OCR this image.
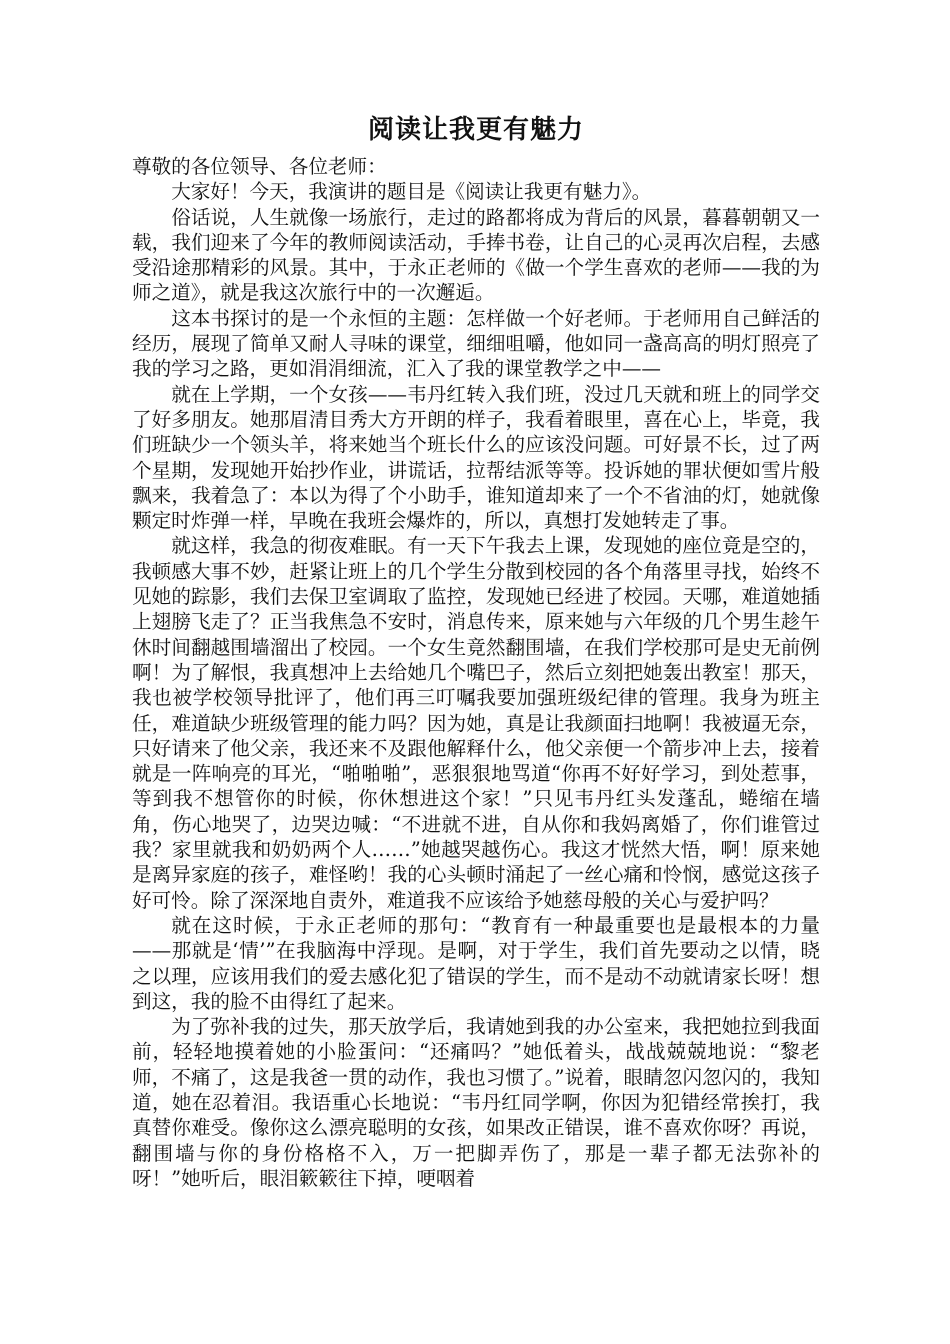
阅读让我更有魅力

尊敬的各位领导、各位老师：

大家好！今天，我演讲的题目是《阅读让我更有魅力》。

俗话说，人生就像一场旅行，走过的路都将成为背后的风景，暮暮朝朝又一载，我们迎来了今年的教师阅读活动，手捧书卷，让自己的心灵再次启程，去感受沿途那精彩的风景。其中，于永正老师的《做一个学生喜欢的老师——我的为师之道》，就是我这次旅行中的一次邂逅。

这本书探讨的是一个永恒的主题：怎样做一个好老师。于老师用自己鲜活的经历，展现了简单又耐人寻味的课堂，细细咀嚼，他如同一盏高高的明灯照亮了我的学习之路，更如涓涓细流，汇入了我的课堂教学之中——

就在上学期，一个女孩——韦丹红转入我们班，没过几天就和班上的同学交了好多朋友。她那眉清目秀大方开朗的样子，我看着眼里，喜在心上，毕竟，我们班缺少一个领头羊，将来她当个班长什么的应该没问题。可好景不长，过了两个星期，发现她开始抄作业，讲谎话，拉帮结派等等。投诉她的罪状便如雪片般飘来，我着急了：本以为得了个小助手，谁知道却来了一个不省油的灯，她就像颗定时炸弹一样，早晚在我班会爆炸的，所以，真想打发她转走了事。

就这样，我急的彻夜难眠。有一天下午我去上课，发现她的座位竟是空的，我顿感大事不妙，赶紧让班上的几个学生分散到校园的各个角落里寻找，始终不见她的踪影，我们去保卫室调取了监控，发现她已经进了校园。天哪，难道她插上翅膀飞走了？正当我焦急不安时，消息传来，原来她与六年级的几个男生趁午休时间翻越围墙溜出了校园。一个女生竟然翻围墙，在我们学校那可是史无前例啊！为了解恨，我真想冲上去给她几个嘴巴子，然后立刻把她轰出教室！那天，我也被学校领导批评了，他们再三叮嘱我要加强班级纪律的管理。我身为班主任，难道缺少班级管理的能力吗？因为她，真是让我颜面扫地啊！我被逼无奈，只好请来了他父亲，我还来不及跟他解释什么，他父亲便一个箭步冲上去，接着就是一阵响亮的耳光，“啪啪啪”，恶狠狠地骂道“你再不好好学习，到处惹事，等到我不想管你的时候，你休想进这个家！”只见韦丹红头发蓬乱，蜷缩在墙角，伤心地哭了，边哭边喊：“不进就不进，自从你和我妈离婚了，你们谁管过我？家里就我和奶奶两个人……”她越哭越伤心。我这才恍然大悟，啊！原来她是离异家庭的孩子，难怪哟！我的心头顿时涌起了一丝心痛和怜悯，感觉这孩子好可怜。除了深深地自责外，难道我不应该给予她慈母般的关心与爱护吗？

就在这时候，于永正老师的那句：“教育有一种最重要也是最根本的力量——那就是‘情’”在我脑海中浮现。是啊，对于学生，我们首先要动之以情，晓之以理，应该用我们的爱去感化犯了错误的学生，而不是动不动就请家长呀！想到这，我的脸不由得红了起来。

为了弥补我的过失，那天放学后，我请她到我的办公室来，我把她拉到我面前，轻轻地摸着她的小脸蛋问：“还痛吗？”她低着头，战战兢兢地说：“黎老师，不痛了，这是我爸一贯的动作，我也习惯了。”说着，眼睛忽闪忽闪的，我知道，她在忍着泪。我语重心长地说：“韦丹红同学啊，你因为犯错经常挨打，我真替你难受。像你这么漂亮聪明的女孩，如果改正错误，谁不喜欢你呀？再说，翻围墙与你的身份格格不入，万一把脚弄伤了，那是一辈子都无法弥补的呀！”她听后，眼泪簌簌往下掉，哽咽着
